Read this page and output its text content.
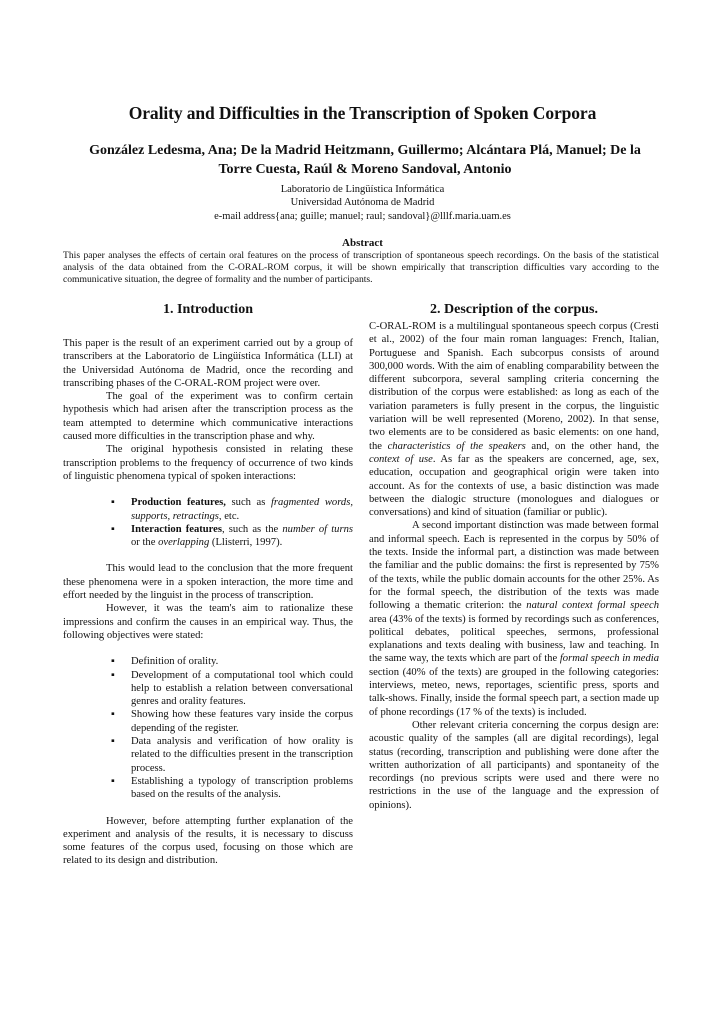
Orality and Difficulties in the Transcription of Spoken Corpora
González Ledesma, Ana; De la Madrid Heitzmann, Guillermo; Alcántara Plá, Manuel; De la
Torre Cuesta, Raúl & Moreno Sandoval, Antonio
Laboratorio de Lingüística Informática
Universidad Autónoma de Madrid
e-mail address{ana; guille; manuel; raul; sandoval}@lllf.maria.uam.es
Abstract
This paper analyses the effects of certain oral features on the process of transcription of spontaneous speech recordings. On the basis of the statistical analysis of the data obtained from the C-ORAL-ROM corpus, it will be shown empirically that transcription difficulties vary according to the communicative situation, the degree of formality and the number of participants.
1. Introduction

This paper is the result of an experiment carried out by a group of transcribers at the Laboratorio de Lingüística Informática (LLI) at the Universidad Autónoma de Madrid, once the recording and transcribing phases of the C-ORAL-ROM project were over.

The goal of the experiment was to confirm certain hypothesis which had arisen after the transcription process as the team attempted to determine which communicative interactions caused more difficulties in the transcription phase and why.

The original hypothesis consisted in relating these transcription problems to the frequency of occurrence of two kinds of linguistic phenomena typical of spoken interactions:

▪ Production features, such as fragmented words, supports, retractings, etc.
▪ Interaction features, such as the number of turns or the overlapping (Llisterri, 1997).

This would lead to the conclusion that the more frequent these phenomena were in a spoken interaction, the more time and effort needed by the linguist in the process of transcription.

However, it was the team's aim to rationalize these impressions and confirm the causes in an empirical way. Thus, the following objectives were stated:

▪ Definition of orality.
▪ Development of a computational tool which could help to establish a relation between conversational genres and orality features.
▪ Showing how these features vary inside the corpus depending of the register.
▪ Data analysis and verification of how orality is related to the difficulties present in the transcription process.
▪ Establishing a typology of transcription problems based on the results of the analysis.

However, before attempting further explanation of the experiment and analysis of the results, it is necessary to discuss some features of the corpus used, focusing on those which are related to its design and distribution.

2. Description of the corpus.

C-ORAL-ROM is a multilingual spontaneous speech corpus (Cresti et al., 2002) of the four main roman languages: French, Italian, Portuguese and Spanish. Each subcorpus consists of around 300,000 words. With the aim of enabling comparability between the different subcorpora, several sampling criteria concerning the distribution of the corpus were established: as long as each of the variation parameters is fully present in the corpus, the linguistic variation will be well represented (Moreno, 2002). In that sense, two elements are to be considered as basic elements: on one hand, the characteristics of the speakers and, on the other hand, the context of use. As far as the speakers are concerned, age, sex, education, occupation and geographical origin were taken into account. As for the contexts of use, a basic distinction was made between the dialogic structure (monologues and dialogues or conversations) and kind of situation (familiar or public).

A second important distinction was made between formal and informal speech. Each is represented in the corpus by 50% of the texts. Inside the informal part, a distinction was made between the familiar and the public domains: the first is represented by 75% of the texts, while the public domain accounts for the other 25%. As for the formal speech, the distribution of the texts was made following a thematic criterion: the natural context formal speech area (43% of the texts) is formed by recordings such as conferences, political debates, political speeches, sermons, professional explanations and texts dealing with business, law and teaching. In the same way, the texts which are part of the formal speech in media section (40% of the texts) are grouped in the following categories: interviews, meteo, news, reportages, scientific press, sports and talk-shows. Finally, inside the formal speech part, a section made up of phone recordings (17 % of the texts) is included.

Other relevant criteria concerning the corpus design are: acoustic quality of the samples (all are digital recordings), legal status (recording, transcription and publishing were done after the written authorization of all participants) and spontaneity of the recordings (no previous scripts were used and there were no restrictions in the use of the language and the expression of opinions).
